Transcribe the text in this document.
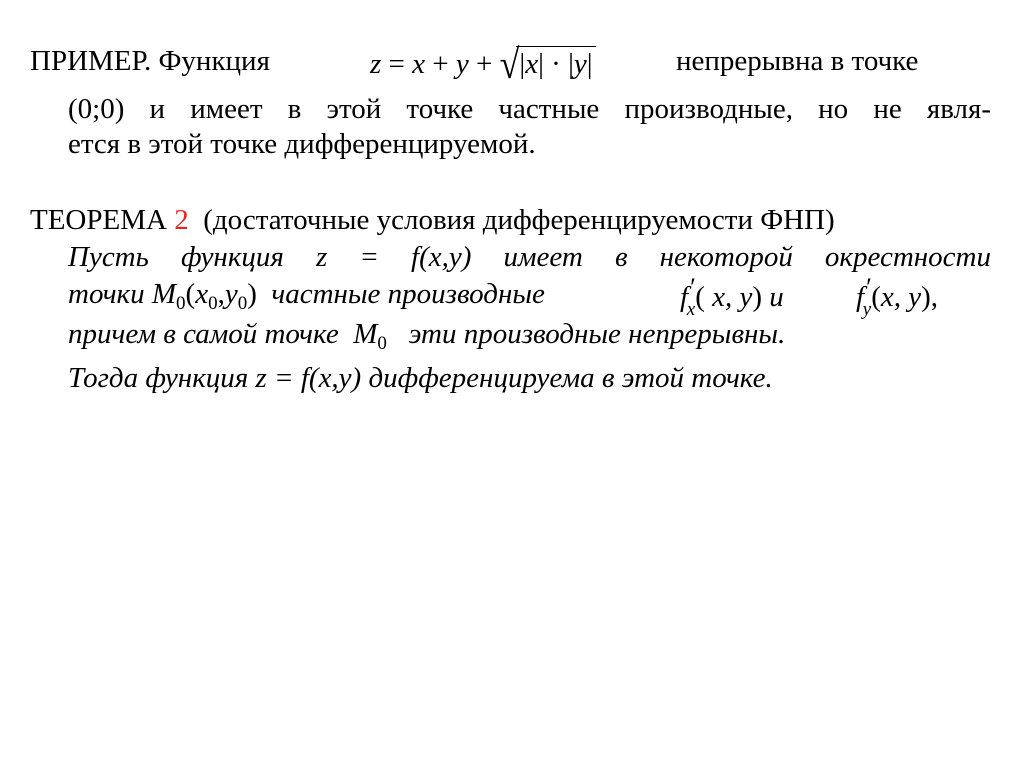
ПРИМЕР. Функция	z = x + y + √|x| · |y|	непрерывна в точке
(0;0) и имеет в этой точке частные производные, но не явля-
ется в этой точке дифференцируемой.
ТЕОРЕМА 2 (достаточные условия дифференцируемости ФНП)
Пусть функция z = f(x,y) имеет в некоторой окрестности
точки $M_0(x_0,y_0)$ частные производные	$f'_x$( x, y) и $f'_y(x$, y),
причем в самой точке $M_0$ эти производные непрерывны.
Тогда функция z = f(x,y) дифференцируема в этой точке.
